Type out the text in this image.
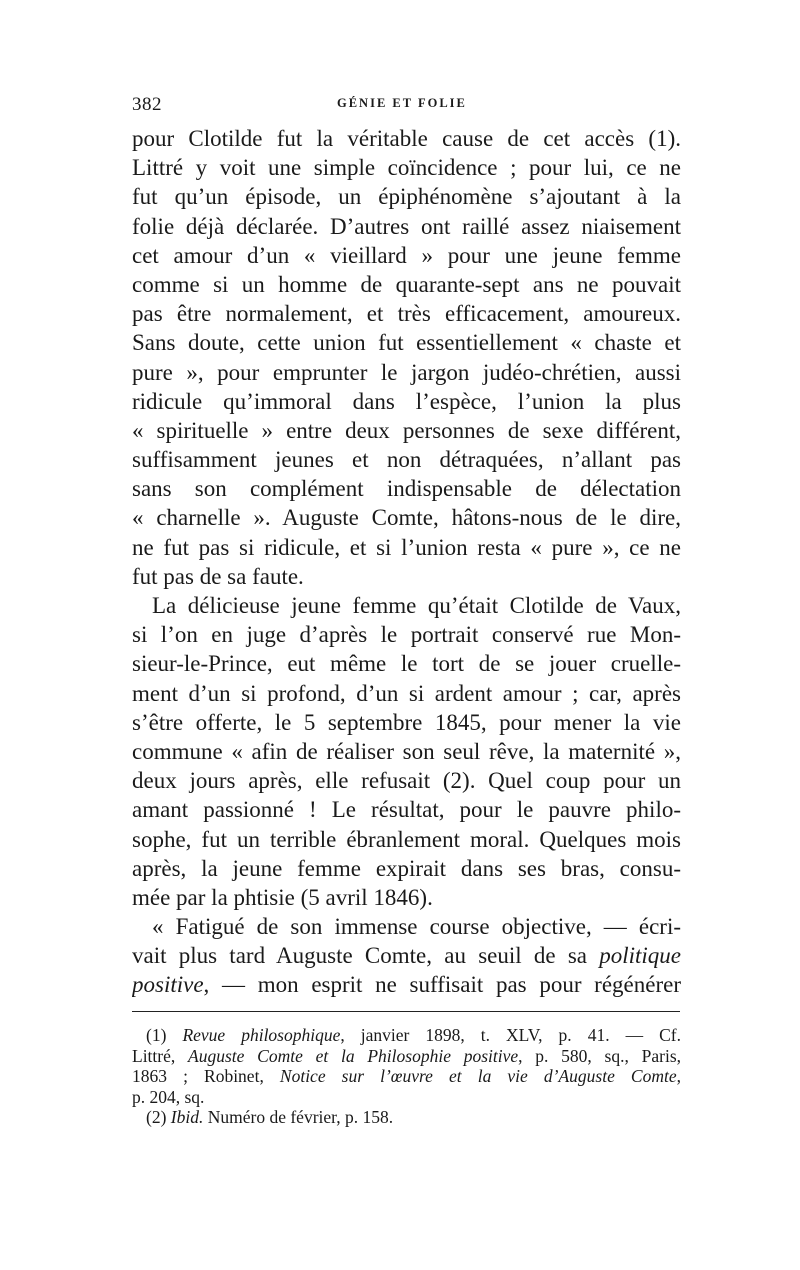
382	GÉNIE ET FOLIE
pour Clotilde fut la véritable cause de cet accès (1).
Littré y voit une simple coïncidence ; pour lui, ce ne
fut qu’un épisode, un épiphénomène s’ajoutant à la
folie déjà déclarée. D’autres ont raillé assez niaisement
cet amour d’un « vieillard » pour une jeune femme
comme si un homme de quarante-sept ans ne pouvait
pas être normalement, et très efficacement, amoureux.
Sans doute, cette union fut essentiellement « chaste et
pure », pour emprunter le jargon judéo-chrétien, aussi
ridicule qu’immoral dans l’espèce, l’union la plus
« spirituelle » entre deux personnes de sexe différent,
suffisamment jeunes et non détraquées, n’allant pas
sans son complément indispensable de délectation
« charnelle ». Auguste Comte, hâtons-nous de le dire,
ne fut pas si ridicule, et si l’union resta « pure », ce ne
fut pas de sa faute.
La délicieuse jeune femme qu’était Clotilde de Vaux,
si l’on en juge d’après le portrait conservé rue Mon-
sieur-le-Prince, eut même le tort de se jouer cruelle-
ment d’un si profond, d’un si ardent amour ; car, après
s’être offerte, le 5 septembre 1845, pour mener la vie
commune « afin de réaliser son seul rêve, la maternité »,
deux jours après, elle refusait (2). Quel coup pour un
amant passionné ! Le résultat, pour le pauvre philo-
sophe, fut un terrible ébranlement moral. Quelques mois
après, la jeune femme expirait dans ses bras, consu-
mée par la phtisie (5 avril 1846).
« Fatigué de son immense course objective, — écri-
vait plus tard Auguste Comte, au seuil de sa politique
positive, — mon esprit ne suffisait pas pour régénérer
(1) Revue philosophique, janvier 1898, t. XLV, p. 41. — Cf.
Littré, Auguste Comte et la Philosophie positive, p. 580, sq., Paris,
1863 ; Robinet, Notice sur l’œuvre et la vie d’Auguste Comte,
p. 204, sq.
(2) Ibid. Numéro de février, p. 158.
